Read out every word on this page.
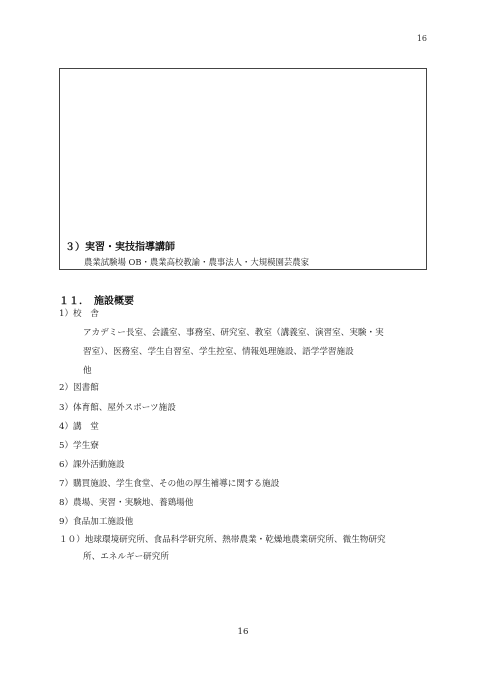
16
３）実習・実技指導講師
農業試験場 OB・農業高校教諭・農事法人・大規模園芸農家
１１．　施設概要
1）校　舎
アカデミー長室、会議室、事務室、研究室、教室（講義室、演習室、実験・実
習室）、医務室、学生自習室、学生控室、情報処理施設、語学学習施設
他
2）図書館
3）体育館、屋外スポーツ施設
4）講　堂
5）学生寮
6）課外活動施設
7）購買施設、学生食堂、その他の厚生補導に関する施設
8）農場、実習・実験地、養鶏場他
9）食品加工施設他
１０）地球環境研究所、食品科学研究所、熱帯農業・乾燥地農業研究所、微生物研究
所、エネルギー研究所
16
